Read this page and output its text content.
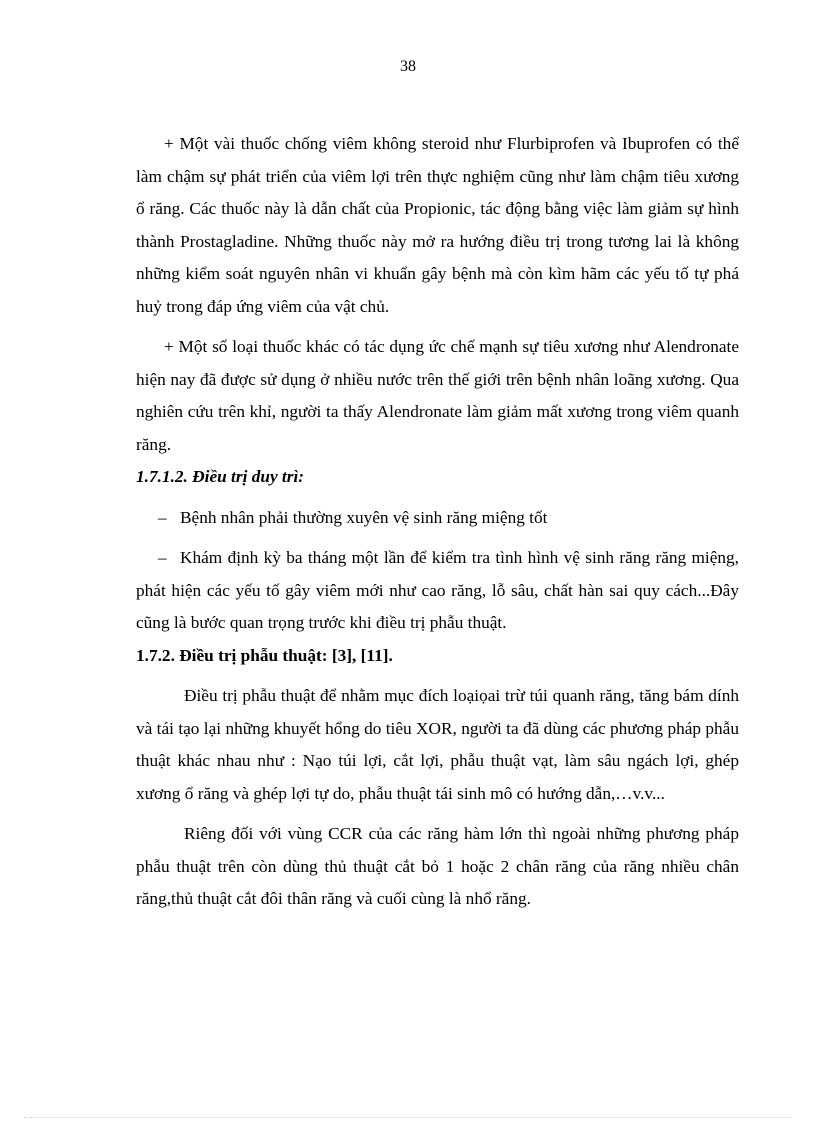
38

+ Một vài thuốc chống viêm không steroid như Flurbiprofen và Ibuprofen có thể làm chậm sự phát triển của viêm lợi trên thực nghiệm cũng như làm chậm tiêu xương ổ răng. Các thuốc này là dẫn chất của Propionic, tác động bằng việc làm giảm sự hình thành Prostagladine. Những thuốc này mở ra hướng điều trị trong tương lai là không những kiểm soát nguyên nhân vi khuẩn gây bệnh mà còn kìm hãm các yếu tố tự phá huỷ trong đáp ứng viêm của vật chủ.

+ Một số loại thuốc khác có tác dụng ức chế mạnh sự tiêu xương như Alendronate hiện nay đã được sử dụng ở nhiều nước trên thế giới trên bệnh nhân loãng xương. Qua nghiên cứu trên khỉ, người ta thấy Alendronate làm giảm mất xương trong viêm quanh răng.

1.7.1.2. Điều trị duy trì:

– Bệnh nhân phải thường xuyên vệ sinh răng miệng tốt

– Khám định kỳ ba tháng một lần để kiểm tra tình hình vệ sinh răng răng miệng, phát hiện các yếu tố gây viêm mới như cao răng, lỗ sâu, chất hàn sai quy cách...Đây cũng là bước quan trọng trước khi điều trị phẫu thuật.

1.7.2. Điều trị phẫu thuật: [3], [11].

Điều trị phẫu thuật để nhằm mục đích loạiọai trừ túi quanh răng, tăng bám dính và tái tạo lại những khuyết hổng do tiêu XOR, người ta đã dùng các phương pháp phẫu thuật khác nhau như : Nạo túi lợi, cắt lợi, phẫu thuật vạt, làm sâu ngách lợi, ghép xương ổ răng và ghép lợi tự do, phẫu thuật tái sinh mô có hướng dẫn,…v.v...

Riêng đối với vùng CCR của các răng hàm lớn thì ngoài những phương pháp phẫu thuật trên còn dùng thủ thuật cắt bỏ 1 hoặc 2 chân răng của răng nhiều chân răng,thủ thuật cắt đôi thân răng và cuối cùng là nhổ răng.
